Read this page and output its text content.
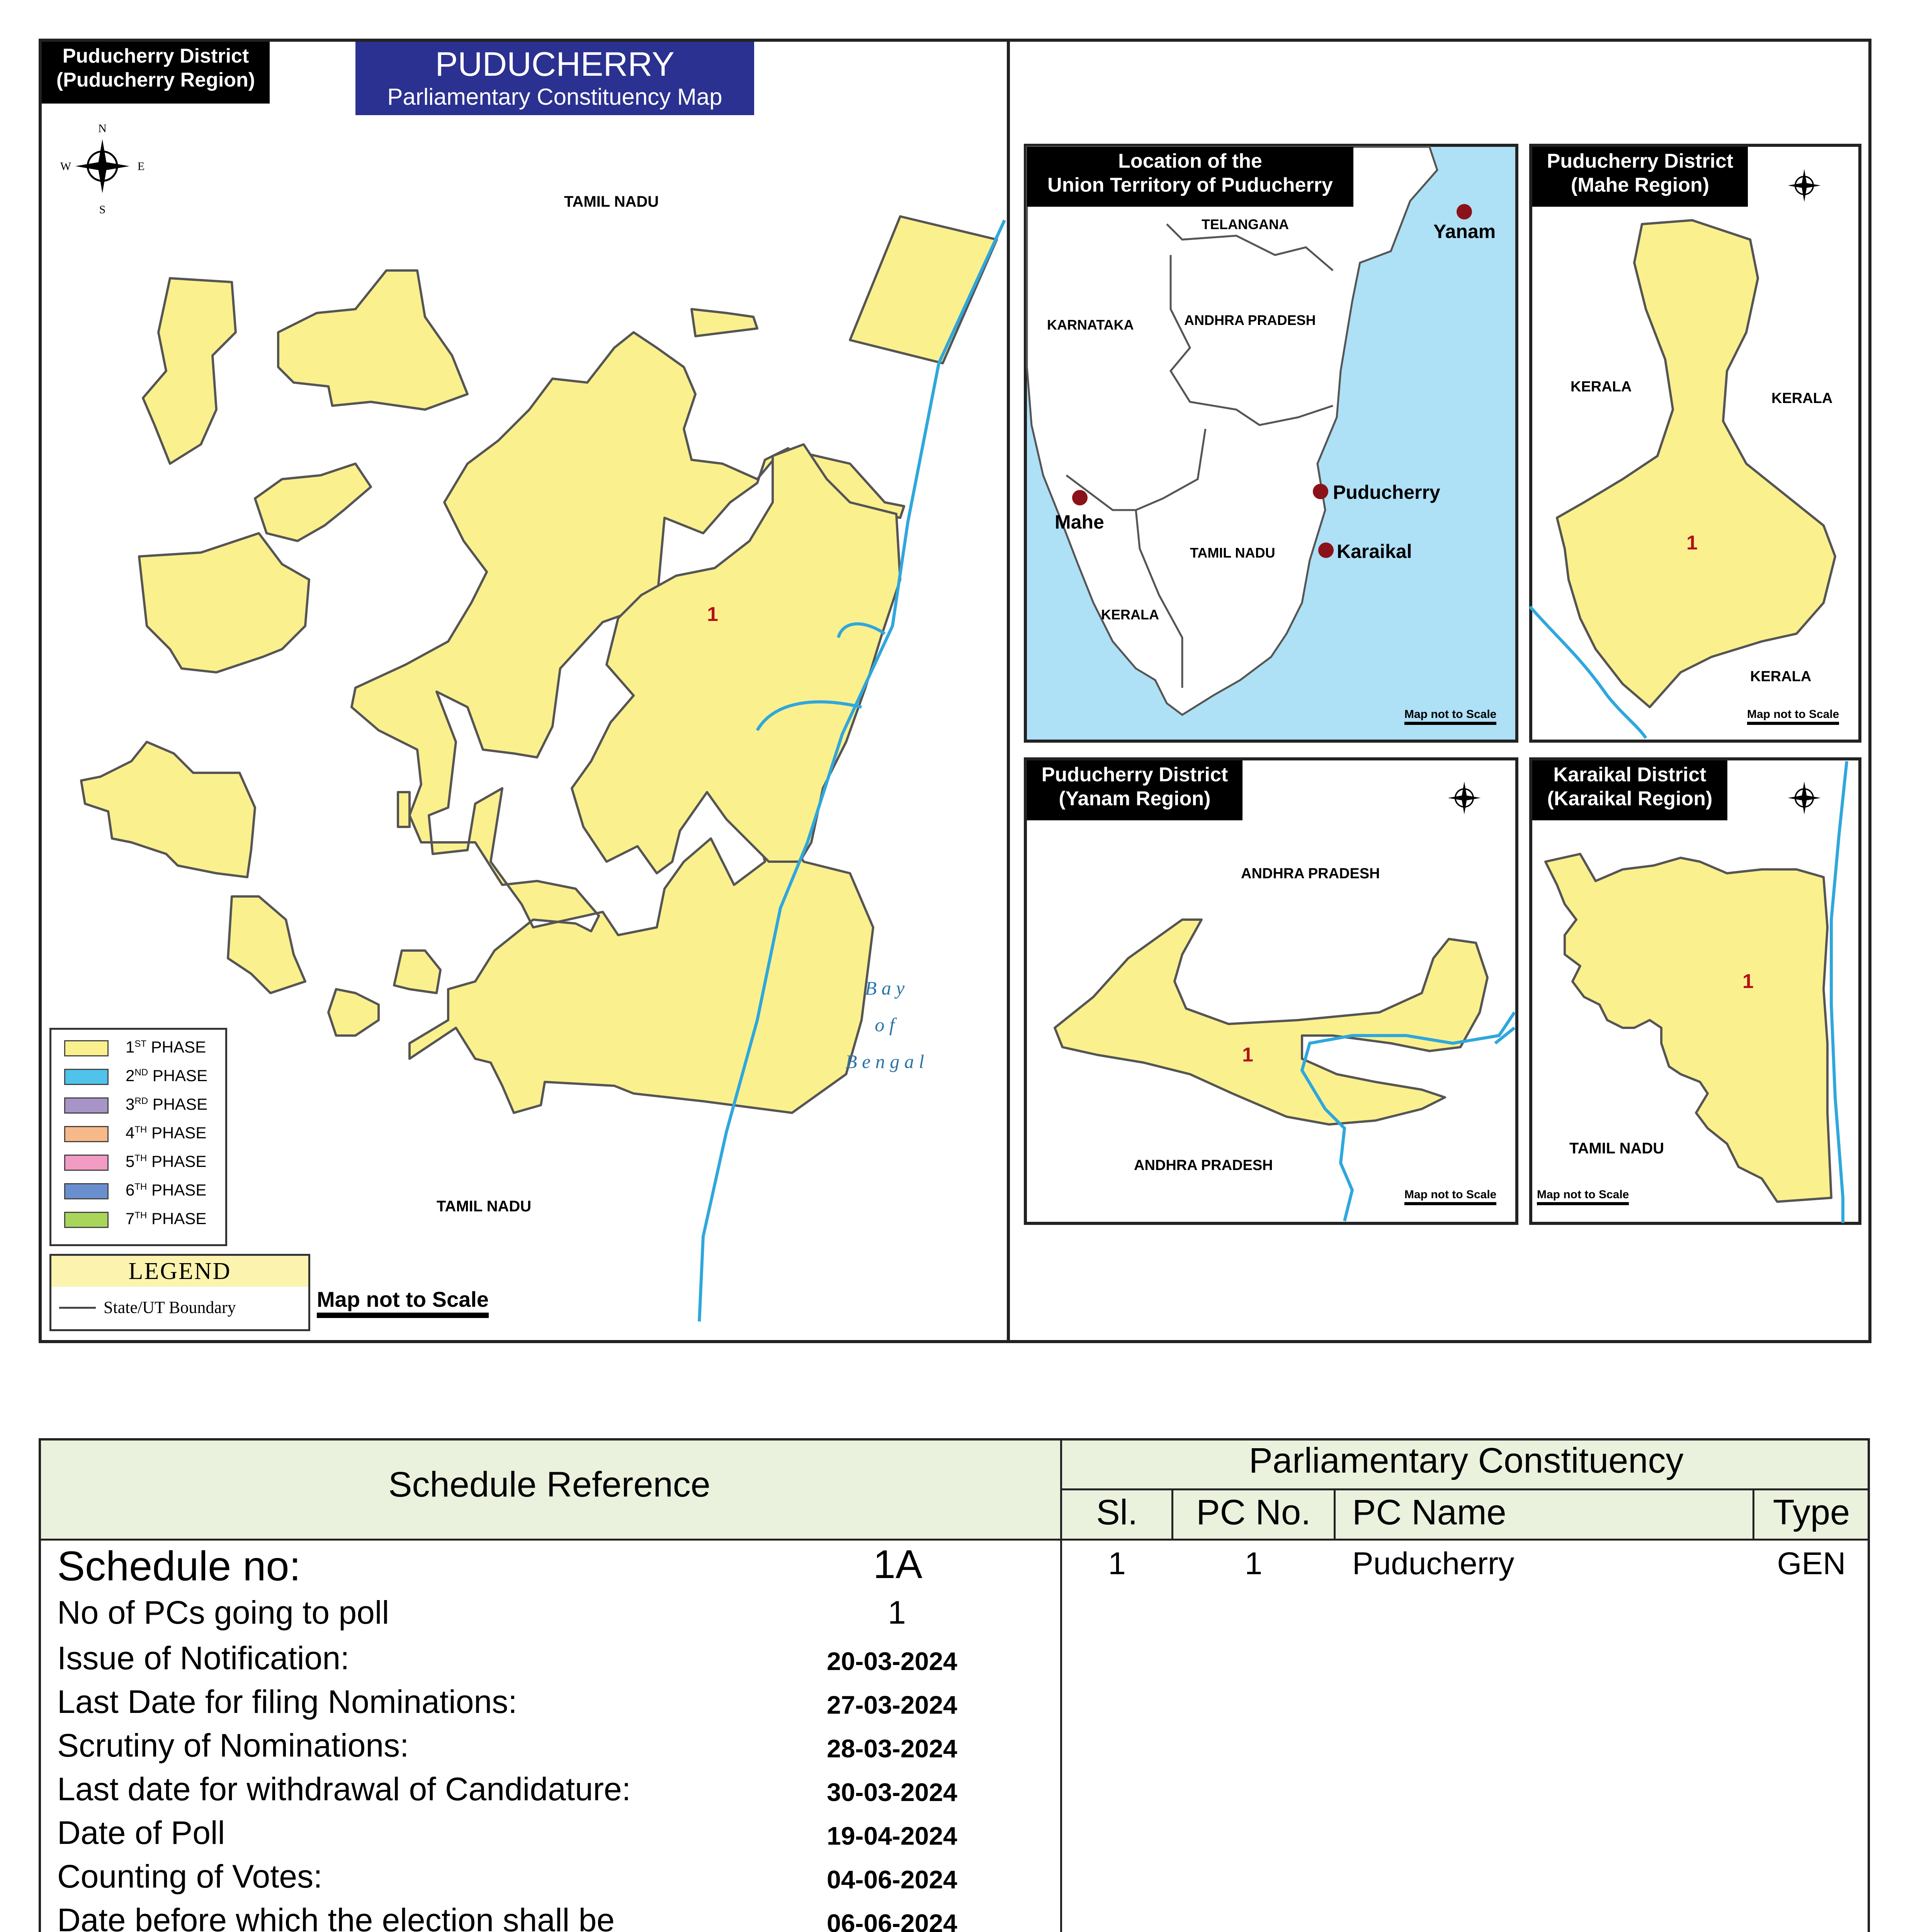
Puducherry District
(Puducherry Region)	PUDUCHERRY
Parliamentary Constituency Map
N
S
E
W
TAMIL NADU
TAMIL NADU
1
B a y
o f
B e n g a l
1ST PHASE
2ND PHASE
3RD PHASE
4TH PHASE
5TH PHASE
6TH PHASE
7TH PHASE
LEGEND
State/UT Boundary	Map not to Scale
Location of the
Union Territory of Puducherry
TELANGANA
KARNATAKA	ANDHRA PRADESH
TAMIL NADU
KERALA
Yanam
Mahe
Puducherry
Karaikal
Map not to Scale
Puducherry District
(Mahe Region)
KERALA
KERALA
KERALA
1
Map not to Scale
Puducherry District
(Yanam Region)
ANDHRA PRADESH
ANDHRA PRADESH
1
Map not to Scale
Karaikal District
(Karaikal Region)
TAMIL NADU
1
Map not to Scale
Schedule Reference
Parliamentary Constituency
Sl.	PC No.	PC Name	Type
Schedule no:	1A
No of PCs going to poll	1
Issue of Notification:	20-03-2024
Last Date for filing Nominations:	27-03-2024
Scrutiny of Nominations:	28-03-2024
Last date for withdrawal of Candidature:	30-03-2024
Date of Poll	19-04-2024
Counting of Votes:	04-06-2024
Date before which the election shall be	06-06-2024
1	1	Puducherry	GEN
